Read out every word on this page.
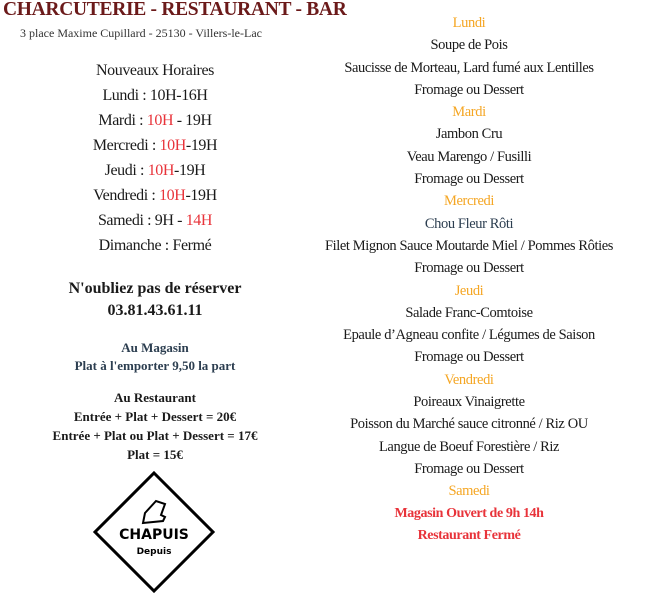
CHARCUTERIE - RESTAURANT - BAR
3 place Maxime Cupillard - 25130 - Villers-le-Lac
Nouveaux Horaires
Lundi : 10H-16H
Mardi : 10H - 19H
Mercredi : 10H-19H
Jeudi : 10H-19H
Vendredi : 10H-19H
Samedi : 9H - 14H
Dimanche : Fermé
N'oubliez pas de réserver
03.81.43.61.11
Au Magasin
Plat à l'emporter 9,50 la part
Au Restaurant
Entrée + Plat + Dessert = 20€
Entrée + Plat ou Plat + Dessert = 17€
Plat = 15€
CHAPUIS
Depuis
Lundi
Soupe de Pois
Saucisse de Morteau, Lard fumé aux Lentilles
Fromage ou Dessert
Mardi
Jambon Cru
Veau Marengo / Fusilli
Fromage ou Dessert
Mercredi
Chou Fleur Rôti
Filet Mignon Sauce Moutarde Miel / Pommes Rôties
Fromage ou Dessert
Jeudi
Salade Franc-Comtoise
Epaule d’Agneau confite / Légumes de Saison
Fromage ou Dessert
Vendredi
Poireaux Vinaigrette
Poisson du Marché sauce citronné / Riz OU
Langue de Boeuf Forestière / Riz
Fromage ou Dessert
Samedi
Magasin Ouvert de 9h 14h
Restaurant Fermé
